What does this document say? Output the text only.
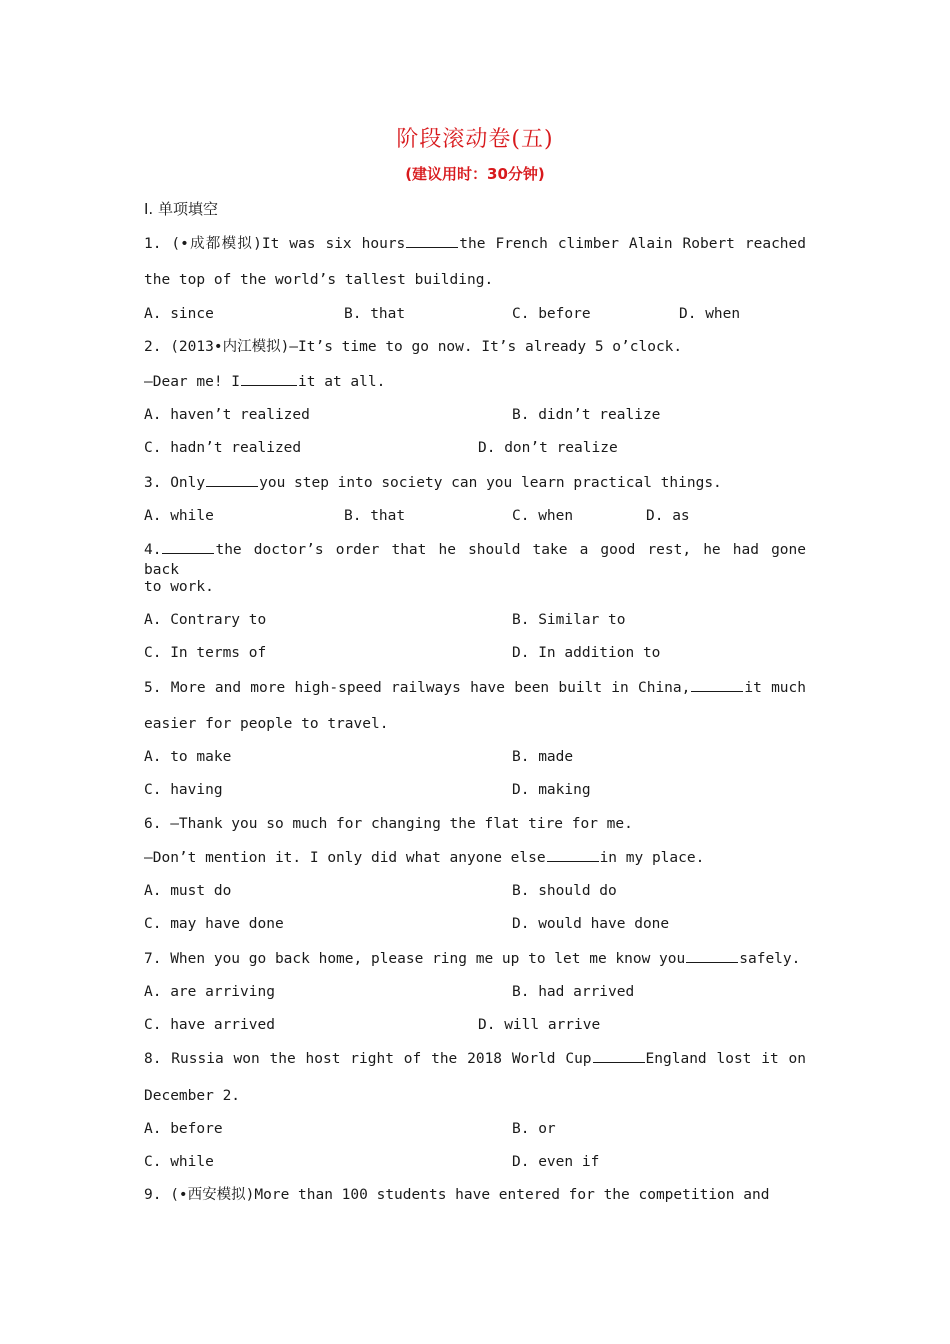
阶段滚动卷(五)
(建议用时：30分钟)
Ⅰ. 单项填空
1. (•成都模拟)It was six hours	the French climber Alain Robert reached
the top of the world’s tallest building.
A. since	B. that	C. before	D. when
2. (2013•内江模拟)—It’s time to go now. It’s already 5 o’clock.
—Dear me! I	it at all.
A. haven’t realized	B. didn’t realize
C. hadn’t realized	D. don’t realize
3. Only	you step into society can you learn practical things.
A. while	B. that	C. when	D. as
4.	the doctor’s order that he should take a good rest, he had gone back
to work.
A. Contrary to	B. Similar to
C. In terms of	D. In addition to
5. More and more high-speed railways have been built in China,	it much
easier for people to travel.
A. to make	B. made
C. having	D. making
6. —Thank you so much for changing the flat tire for me.
—Don’t mention it. I only did what anyone else	in my place.
A. must do	B. should do
C. may have done	D. would have done
7. When you go back home, please ring me up to let me know you	safely.
A. are arriving	B. had arrived
C. have arrived	D. will arrive
8. Russia won the host right of the 2018 World Cup	England lost it on
December 2.
A. before	B. or
C. while	D. even if
9. (•西安模拟)More than 100 students have entered for the competition and
